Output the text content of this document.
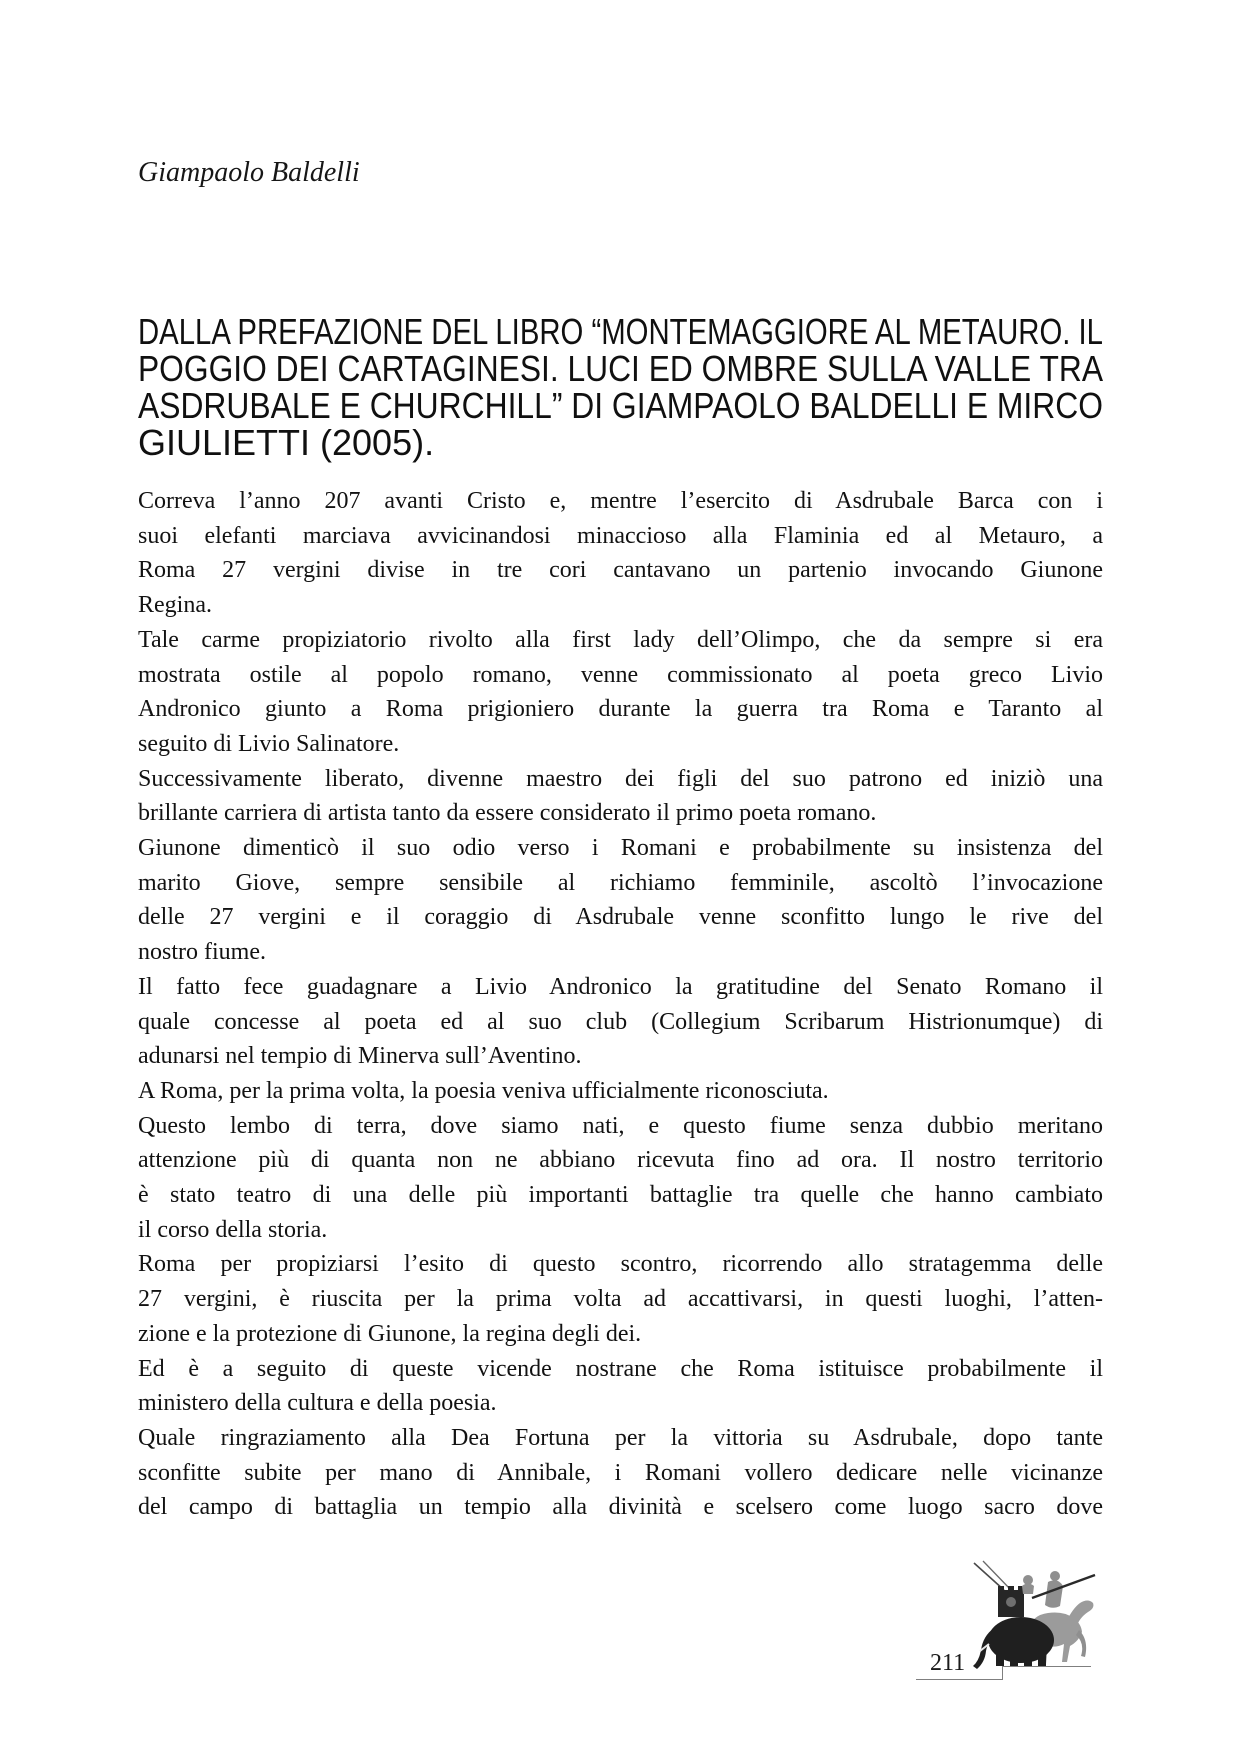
Giampaolo Baldelli
DALLA PREFAZIONE DEL LIBRO “MONTEMAGGIORE AL METAURO. IL
POGGIO DEI CARTAGINESI. LUCI ED OMBRE SULLA VALLE TRA
ASDRUBALE E CHURCHILL” DI GIAMPAOLO BALDELLI E MIRCO
GIULIETTI (2005).
Correva l’anno 207 avanti Cristo e, mentre l’esercito di Asdrubale Barca con i
suoi elefanti marciava avvicinandosi minaccioso alla Flaminia ed al Metauro, a
Roma 27 vergini divise in tre cori cantavano un partenio invocando Giunone
Regina.
Tale carme propiziatorio rivolto alla first lady dell’Olimpo, che da sempre si era
mostrata ostile al popolo romano, venne commissionato al poeta greco Livio
Andronico giunto a Roma prigioniero durante la guerra tra Roma e Taranto al
seguito di Livio Salinatore.
Successivamente liberato, divenne maestro dei figli del suo patrono ed iniziò una
brillante carriera di artista tanto da essere considerato il primo poeta romano.
Giunone dimenticò il suo odio verso i Romani e probabilmente su insistenza del
marito Giove, sempre sensibile al richiamo femminile, ascoltò l’invocazione
delle 27 vergini e il coraggio di Asdrubale venne sconfitto lungo le rive del
nostro fiume.
Il fatto fece guadagnare a Livio Andronico la gratitudine del Senato Romano il
quale concesse al poeta ed al suo club (Collegium Scribarum Histrionumque) di
adunarsi nel tempio di Minerva sull’Aventino.
A Roma, per la prima volta, la poesia veniva ufficialmente riconosciuta.
Questo lembo di terra, dove siamo nati, e questo fiume senza dubbio meritano
attenzione più di quanta non ne abbiano ricevuta fino ad ora. Il nostro territorio
è stato teatro di una delle più importanti battaglie tra quelle che hanno cambiato
il corso della storia.
Roma per propiziarsi l’esito di questo scontro, ricorrendo allo stratagemma delle
27 vergini, è riuscita per la prima volta ad accattivarsi, in questi luoghi, l’atten-
zione e la protezione di Giunone, la regina degli dei.
Ed è a seguito di queste vicende nostrane che Roma istituisce probabilmente il
ministero della cultura e della poesia.
Quale ringraziamento alla Dea Fortuna per la vittoria su Asdrubale, dopo tante
sconfitte subite per mano di Annibale, i Romani vollero dedicare nelle vicinanze
del campo di battaglia un tempio alla divinità e scelsero come luogo sacro dove
211
